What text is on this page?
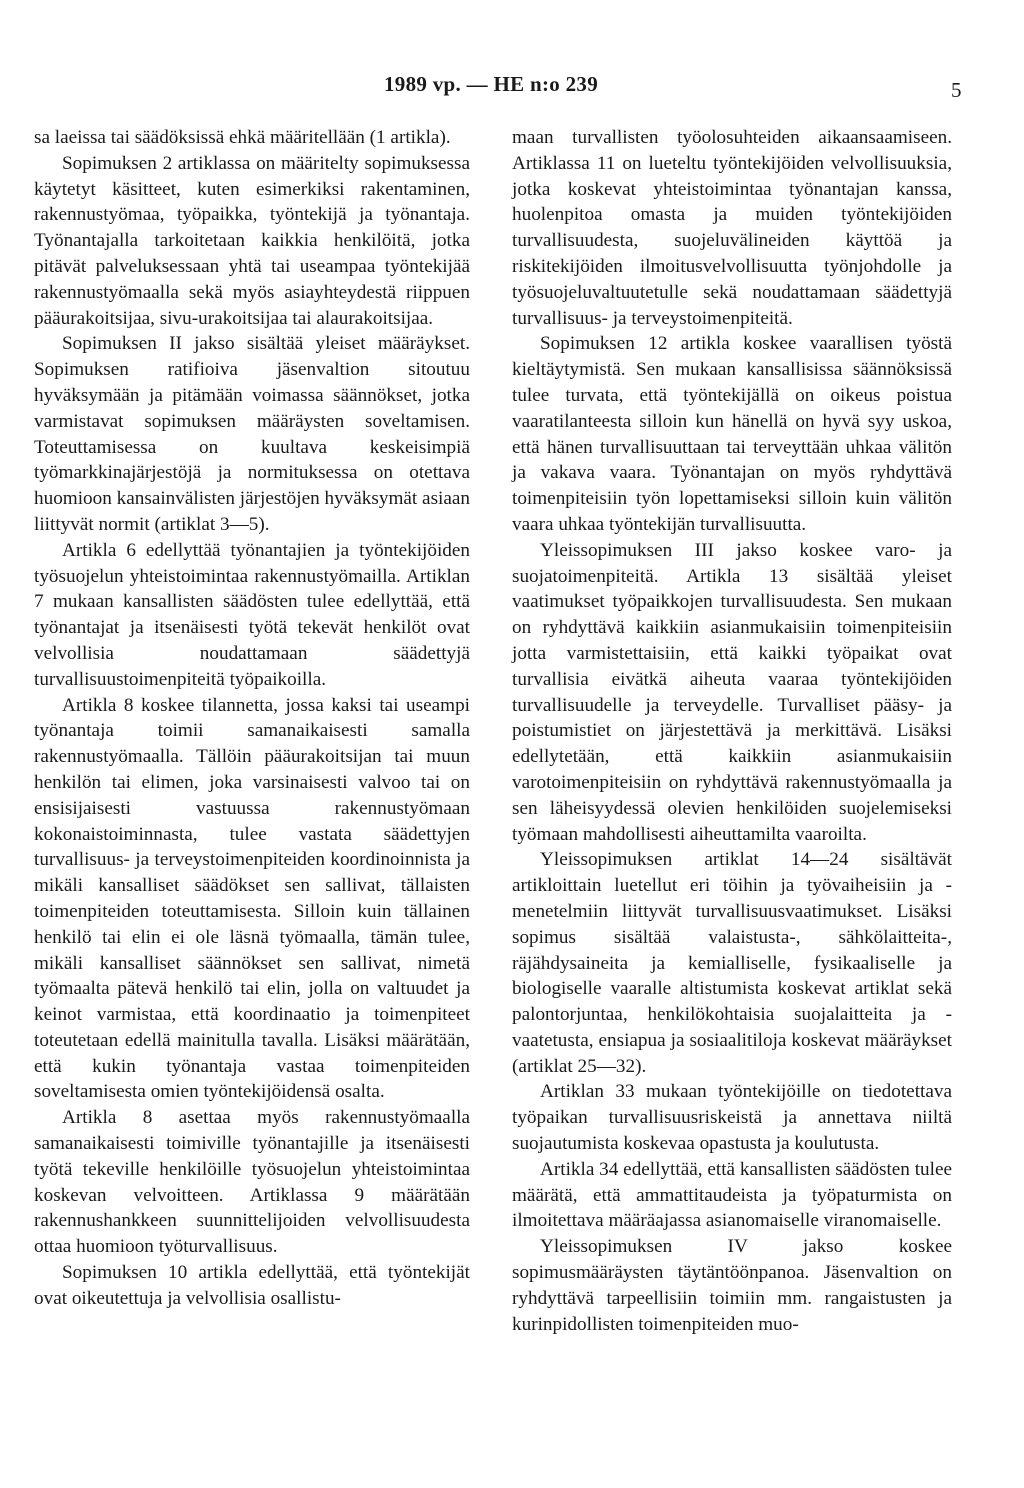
1989 vp. — HE n:o 239	5

sa laeissa tai säädöksissä ehkä määritellään (1 artikla).

Sopimuksen 2 artiklassa on määritelty sopimuksessa käytetyt käsitteet, kuten esimerkiksi rakentaminen, rakennustyömaa, työpaikka, työntekijä ja työnantaja. Työnantajalla tarkoitetaan kaikkia henkilöitä, jotka pitävät palveluksessaan yhtä tai useampaa työntekijää rakennustyömaalla sekä myös asiayhteydestä riippuen pääurakoitsijaa, sivu-urakoitsijaa tai alaurakoitsijaa.

Sopimuksen II jakso sisältää yleiset määräykset. Sopimuksen ratifioiva jäsenvaltion sitoutuu hyväksymään ja pitämään voimassa säännökset, jotka varmistavat sopimuksen määräysten soveltamisen. Toteuttamisessa on kuultava keskeisimpiä työmarkkinajärjestöjä ja normituksessa on otettava huomioon kansainvälisten järjestöjen hyväksymät asiaan liittyvät normit (artiklat 3—5).

Artikla 6 edellyttää työnantajien ja työntekijöiden työsuojelun yhteistoimintaa rakennustyömailla. Artiklan 7 mukaan kansallisten säädösten tulee edellyttää, että työnantajat ja itsenäisesti työtä tekevät henkilöt ovat velvollisia noudattamaan säädettyjä turvallisuustoimenpiteitä työpaikoilla.

Artikla 8 koskee tilannetta, jossa kaksi tai useampi työnantaja toimii samanaikaisesti samalla rakennustyömaalla. Tällöin pääurakoitsijan tai muun henkilön tai elimen, joka varsinaisesti valvoo tai on ensisijaisesti vastuussa rakennustyömaan kokonaistoiminnasta, tulee vastata säädettyjen turvallisuus- ja terveystoimenpiteiden koordinoinnista ja mikäli kansalliset säädökset sen sallivat, tällaisten toimenpiteiden toteuttamisesta. Silloin kuin tällainen henkilö tai elin ei ole läsnä työmaalla, tämän tulee, mikäli kansalliset säännökset sen sallivat, nimetä työmaalta pätevä henkilö tai elin, jolla on valtuudet ja keinot varmistaa, että koordinaatio ja toimenpiteet toteutetaan edellä mainitulla tavalla. Lisäksi määrätään, että kukin työnantaja vastaa toimenpiteiden soveltamisesta omien työntekijöidensä osalta.

Artikla 8 asettaa myös rakennustyömaalla samanaikaisesti toimiville työnantajille ja itsenäisesti työtä tekeville henkilöille työsuojelun yhteistoimintaa koskevan velvoitteen. Artiklassa 9 määrätään rakennushankkeen suunnittelijoiden velvollisuudesta ottaa huomioon työturvallisuus.

Sopimuksen 10 artikla edellyttää, että työntekijät ovat oikeutettuja ja velvollisia osallistu-

maan turvallisten työolosuhteiden aikaansaamiseen. Artiklassa 11 on lueteltu työntekijöiden velvollisuuksia, jotka koskevat yhteistoimintaa työnantajan kanssa, huolenpitoa omasta ja muiden työntekijöiden turvallisuudesta, suojeluvälineiden käyttöä ja riskitekijöiden ilmoitusvelvollisuutta työnjohdolle ja työsuojeluvaltuutetulle sekä noudattamaan säädettyjä turvallisuus- ja terveystoimenpiteitä.

Sopimuksen 12 artikla koskee vaarallisen työstä kieltäytymistä. Sen mukaan kansallisissa säännöksissä tulee turvata, että työntekijällä on oikeus poistua vaaratilanteesta silloin kun hänellä on hyvä syy uskoa, että hänen turvallisuuttaan tai terveyttään uhkaa välitön ja vakava vaara. Työnantajan on myös ryhdyttävä toimenpiteisiin työn lopettamiseksi silloin kuin välitön vaara uhkaa työntekijän turvallisuutta.

Yleissopimuksen III jakso koskee varo- ja suojatoimenpiteitä. Artikla 13 sisältää yleiset vaatimukset työpaikkojen turvallisuudesta. Sen mukaan on ryhdyttävä kaikkiin asianmukaisiin toimenpiteisiin jotta varmistettaisiin, että kaikki työpaikat ovat turvallisia eivätkä aiheuta vaaraa työntekijöiden turvallisuudelle ja terveydelle. Turvalliset pääsy- ja poistumistiet on järjestettävä ja merkittävä. Lisäksi edellytetään, että kaikkiin asianmukaisiin varotoimenpiteisiin on ryhdyttävä rakennustyömaalla ja sen läheisyydessä olevien henkilöiden suojelemiseksi työmaan mahdollisesti aiheuttamilta vaaroilta.

Yleissopimuksen artiklat 14—24 sisältävät artikloittain luetellut eri töihin ja työvaiheisiin ja -menetelmiin liittyvät turvallisuusvaatimukset. Lisäksi sopimus sisältää valaistusta-, sähkölaitteita-, räjähdysaineita ja kemialliselle, fysikaaliselle ja biologiselle vaaralle altistumista koskevat artiklat sekä palontorjuntaa, henkilökohtaisia suojalaitteita ja -vaatetusta, ensiapua ja sosiaalitiloja koskevat määräykset (artiklat 25—32).

Artiklan 33 mukaan työntekijöille on tiedotettava työpaikan turvallisuusriskeistä ja annettava niiltä suojautumista koskevaa opastusta ja koulutusta.

Artikla 34 edellyttää, että kansallisten säädösten tulee määrätä, että ammattitaudeista ja työpaturmista on ilmoitettava määräajassa asianomaiselle viranomaiselle.

Yleissopimuksen IV jakso koskee sopimusmääräysten täytäntöönpanoa. Jäsenvaltion on ryhdyttävä tarpeellisiin toimiin mm. rangaistusten ja kurinpidollisten toimenpiteiden muo-
